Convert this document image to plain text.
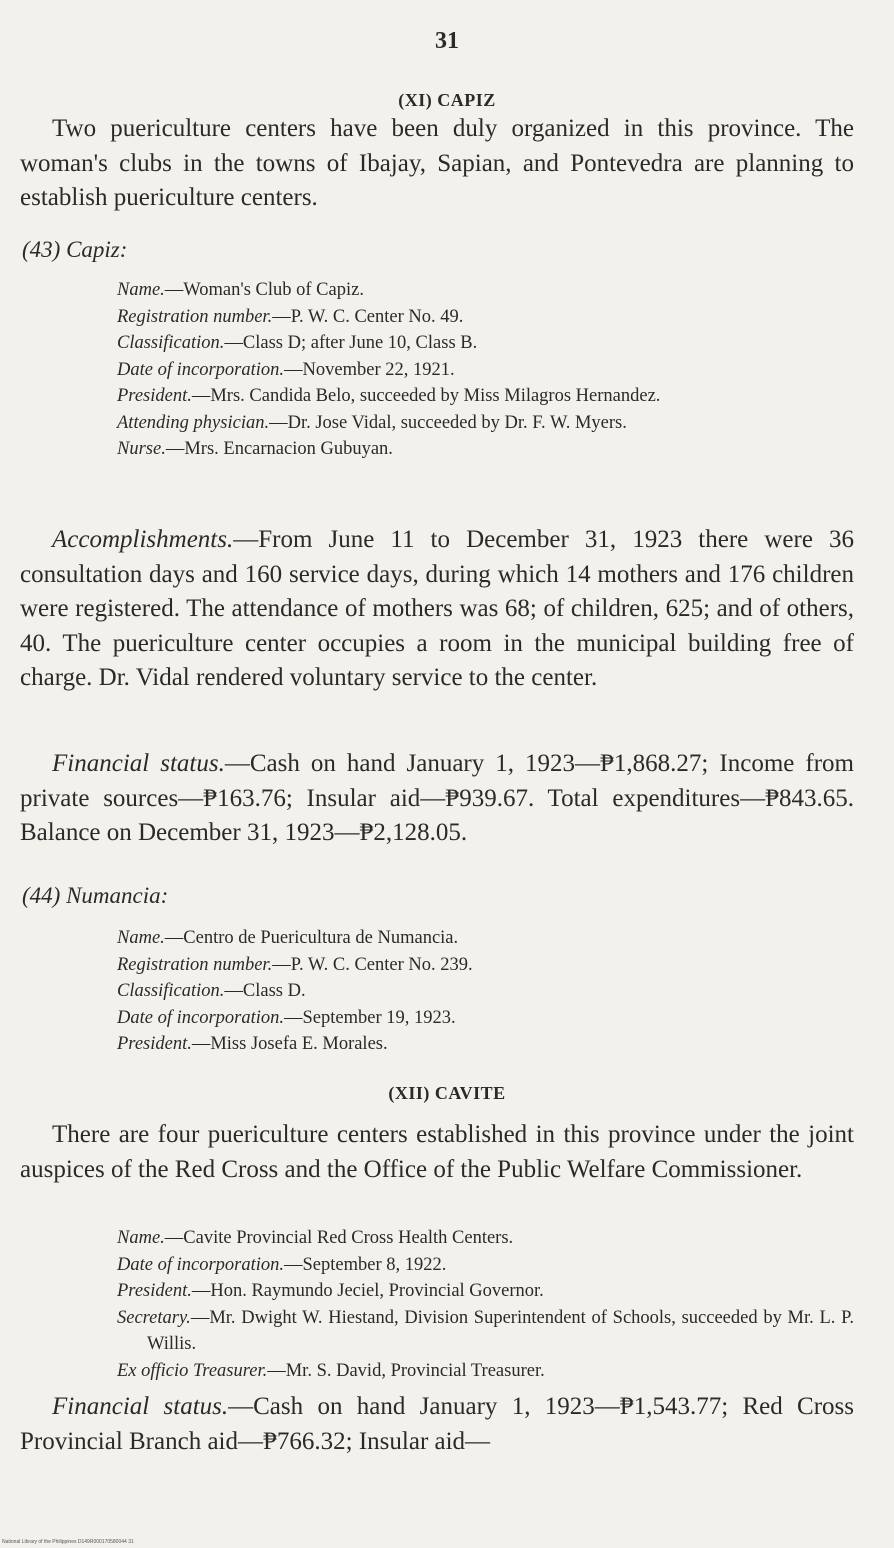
31
(XI) CAPIZ

Two puericulture centers have been duly organized in this province. The woman's clubs in the towns of Ibajay, Sapian, and Pontevedra are planning to establish puericulture centers.

(43) Capiz:
Name.—Woman's Club of Capiz.
Registration number.—P. W. C. Center No. 49.
Classification.—Class D; after June 10, Class B.
Date of incorporation.—November 22, 1921.
President.—Mrs. Candida Belo, succeeded by Miss Milagros Hernandez.
Attending physician.—Dr. Jose Vidal, succeeded by Dr. F. W. Myers.
Nurse.—Mrs. Encarnacion Gubuyan.

Accomplishments.—From June 11 to December 31, 1923 there were 36 consultation days and 160 service days, during which 14 mothers and 176 children were registered. The attendance of mothers was 68; of children, 625; and of others, 40. The puericulture center occupies a room in the municipal building free of charge. Dr. Vidal rendered voluntary service to the center.

Financial status.—Cash on hand January 1, 1923—₱1,868.27; Income from private sources—₱163.76; Insular aid—₱939.67. Total expenditures—₱843.65. Balance on December 31, 1923—₱2,128.05.

(44) Numancia:
Name.—Centro de Puericultura de Numancia.
Registration number.—P. W. C. Center No. 239.
Classification.—Class D.
Date of incorporation.—September 19, 1923.
President.—Miss Josefa E. Morales.
(XII) CAVITE

There are four puericulture centers established in this province under the joint auspices of the Red Cross and the Office of the Public Welfare Commissioner.

Name.—Cavite Provincial Red Cross Health Centers.
Date of incorporation.—September 8, 1922.
President.—Hon. Raymundo Jeciel, Provincial Governor.
Secretary.—Mr. Dwight W. Hiestand, Division Superintendent of Schools, succeeded by Mr. L. P. Willis.
Ex officio Treasurer.—Mr. S. David, Provincial Treasurer.

Financial status.—Cash on hand January 1, 1923—₱1,543.77; Red Cross Provincial Branch aid—₱766.32; Insular aid—

National Library of the Philippines D149R000170580044 31
